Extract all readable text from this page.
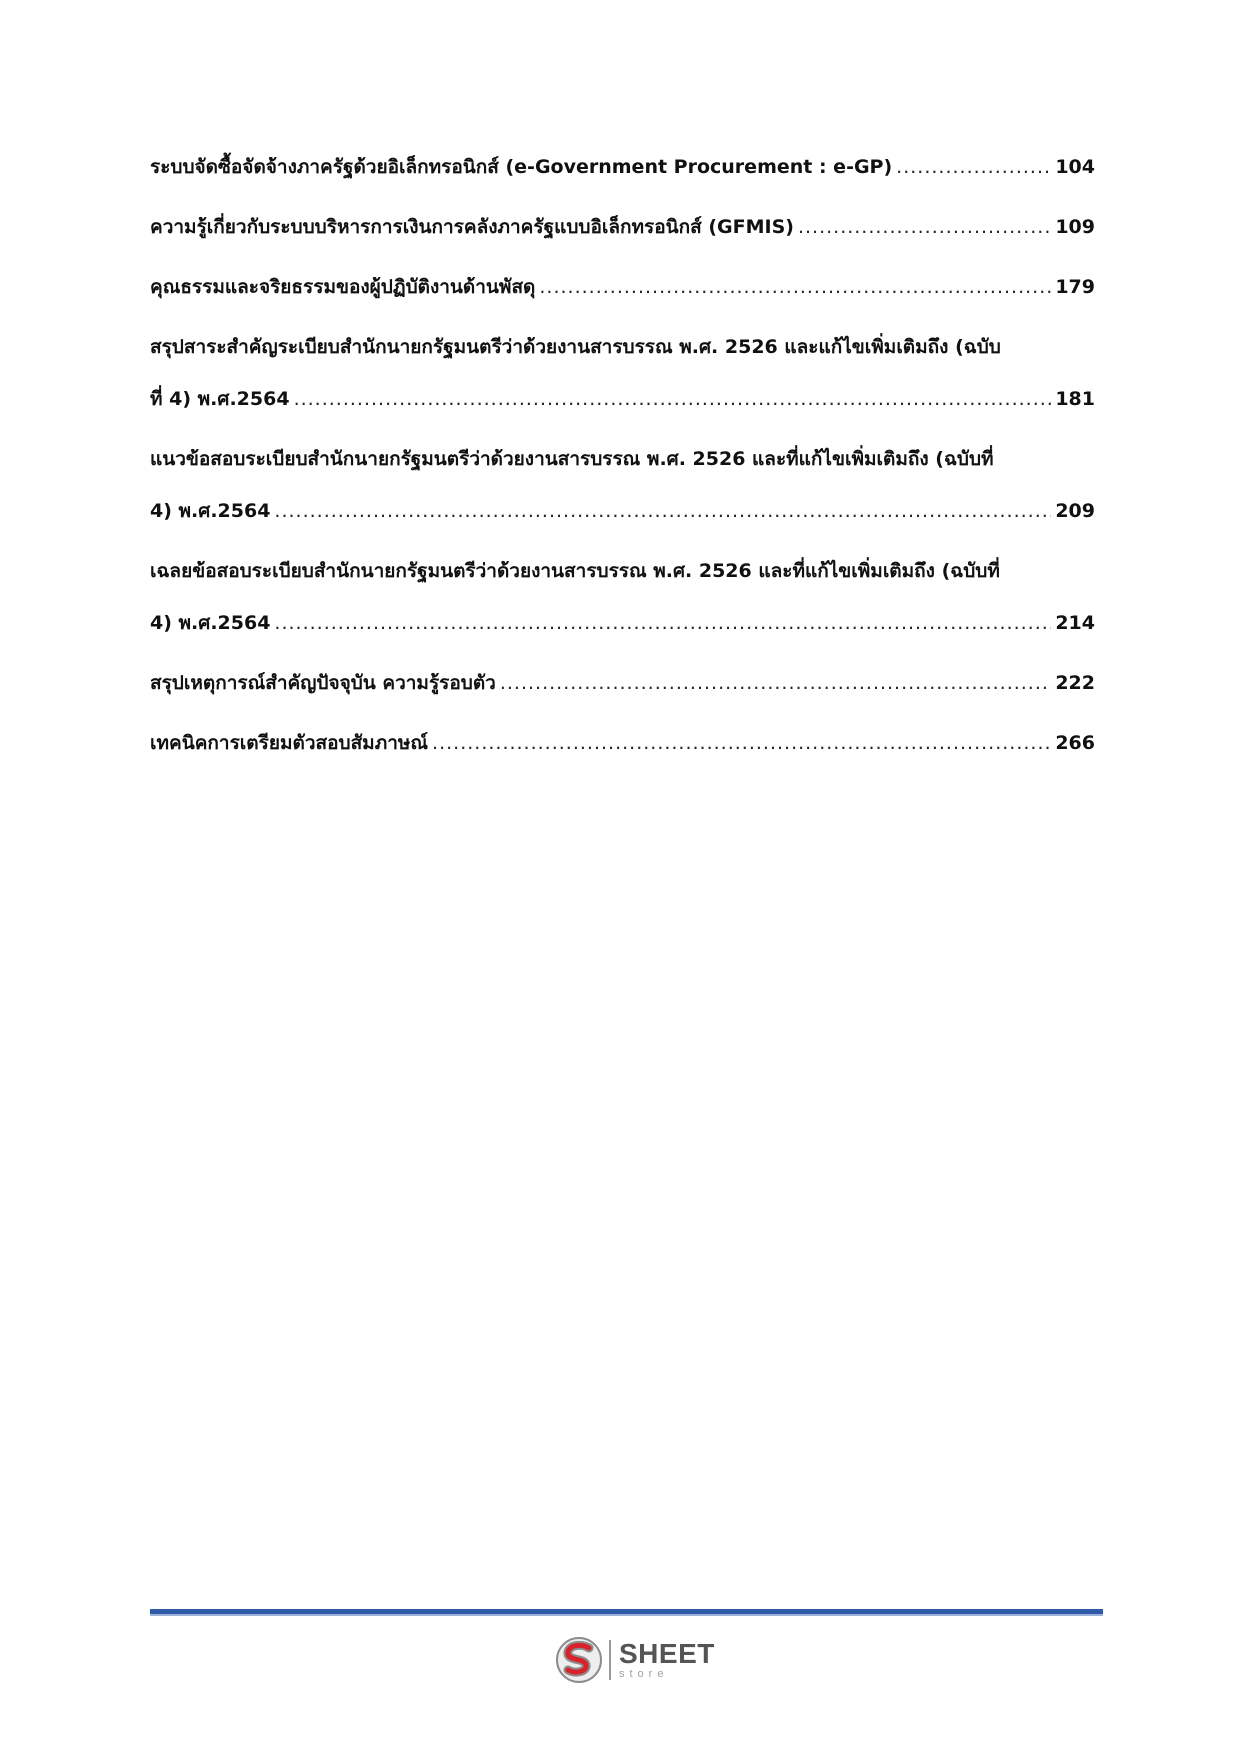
ระบบจัดซื้อจัดจ้างภาครัฐด้วยอิเล็กทรอนิกส์ (e-Government Procurement : e-GP) .....	104
ความรู้เกี่ยวกับระบบบริหารการเงินการคลังภาครัฐแบบอิเล็กทรอนิกส์ (GFMIS) .....	109
คุณธรรมและจริยธรรมของผู้ปฏิบัติงานด้านพัสดุ .....	179
สรุปสาระสำคัญระเบียบสำนักนายกรัฐมนตรีว่าด้วยงานสารบรรณ พ.ศ. 2526 และแก้ไขเพิ่มเติมถึง (ฉบับ
ที่ 4) พ.ศ.2564 .....	181
แนวข้อสอบระเบียบสำนักนายกรัฐมนตรีว่าด้วยงานสารบรรณ พ.ศ. 2526 และที่แก้ไขเพิ่มเติมถึง (ฉบับที่
4) พ.ศ.2564 .....	209
เฉลยข้อสอบระเบียบสำนักนายกรัฐมนตรีว่าด้วยงานสารบรรณ พ.ศ. 2526 และที่แก้ไขเพิ่มเติมถึง (ฉบับที่
4) พ.ศ.2564 .....	214
สรุปเหตุการณ์สำคัญปัจจุบัน ความรู้รอบตัว .....	222
เทคนิคการเตรียมตัวสอบสัมภาษณ์ .....	266
SHEET
store
